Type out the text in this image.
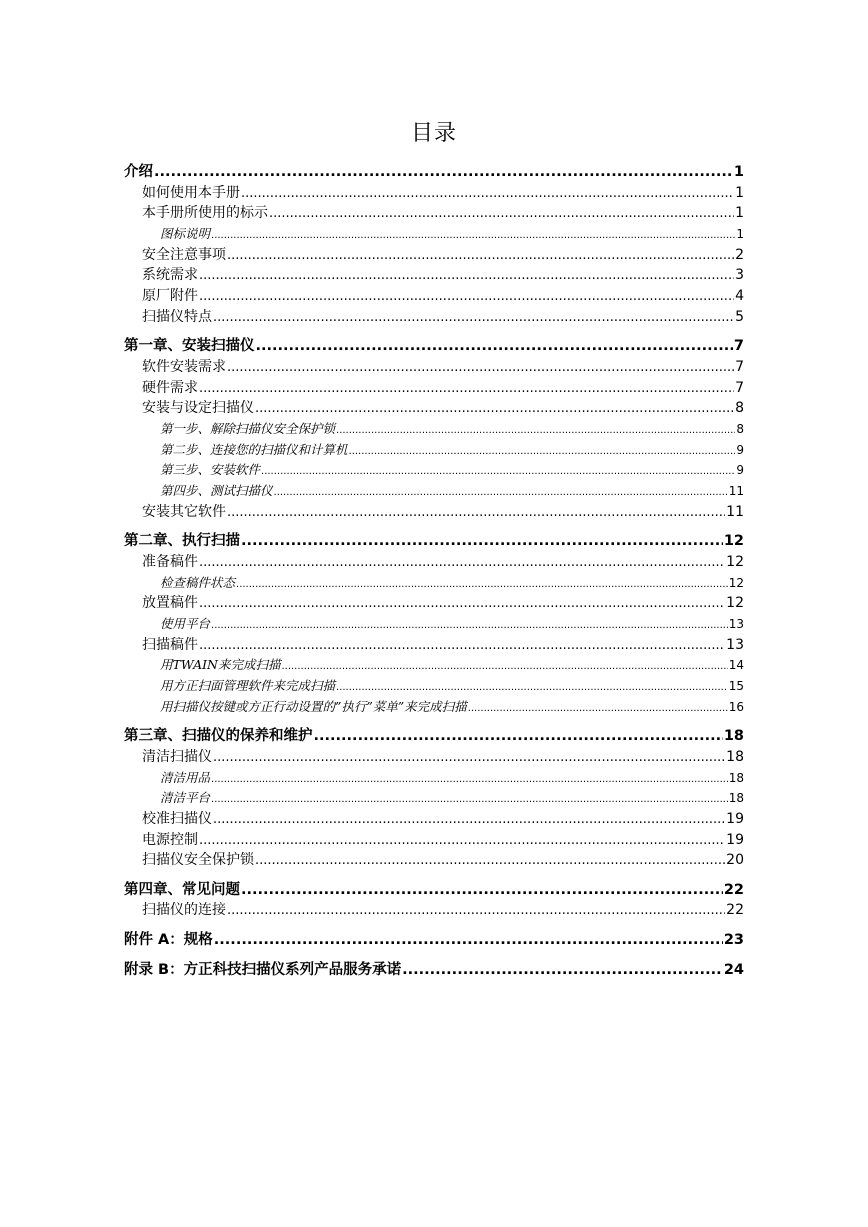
目录
介绍 .....	1
如何使用本手册 .....	1
本手册所使用的标示 .....	1
图标说明 .....	1
安全注意事项 .....	2
系统需求 .....	3
原厂附件 .....	4
扫描仪特点 .....	5
第一章、安装扫描仪 .....	7
软件安装需求 .....	7
硬件需求 .....	7
安装与设定扫描仪 .....	8
第一步、解除扫描仪安全保护锁 .....	8
第二步、连接您的扫描仪和计算机 .....	9
第三步、安装软件 .....	9
第四步、测试扫描仪 .....	11
安装其它软件 .....	11
第二章、执行扫描 .....	12
准备稿件 .....	12
检查稿件状态 .....	12
放置稿件 .....	12
使用平台 .....	13
扫描稿件 .....	13
用TWAIN来完成扫描 .....	14
用方正扫面管理软件来完成扫描 .....	15
用扫描仪按键或方正行动设置的”执行”菜单”来完成扫描 .....	16
第三章、扫描仪的保养和维护 .....	18
清洁扫描仪 .....	18
清洁用品 .....	18
清洁平台 .....	18
校准扫描仪 .....	19
电源控制 .....	19
扫描仪安全保护锁 .....	20
第四章、常见问题 .....	22
扫描仪的连接 .....	22
附件 A：规格 .....	23
附录 B：方正科技扫描仪系列产品服务承诺 .....	24
